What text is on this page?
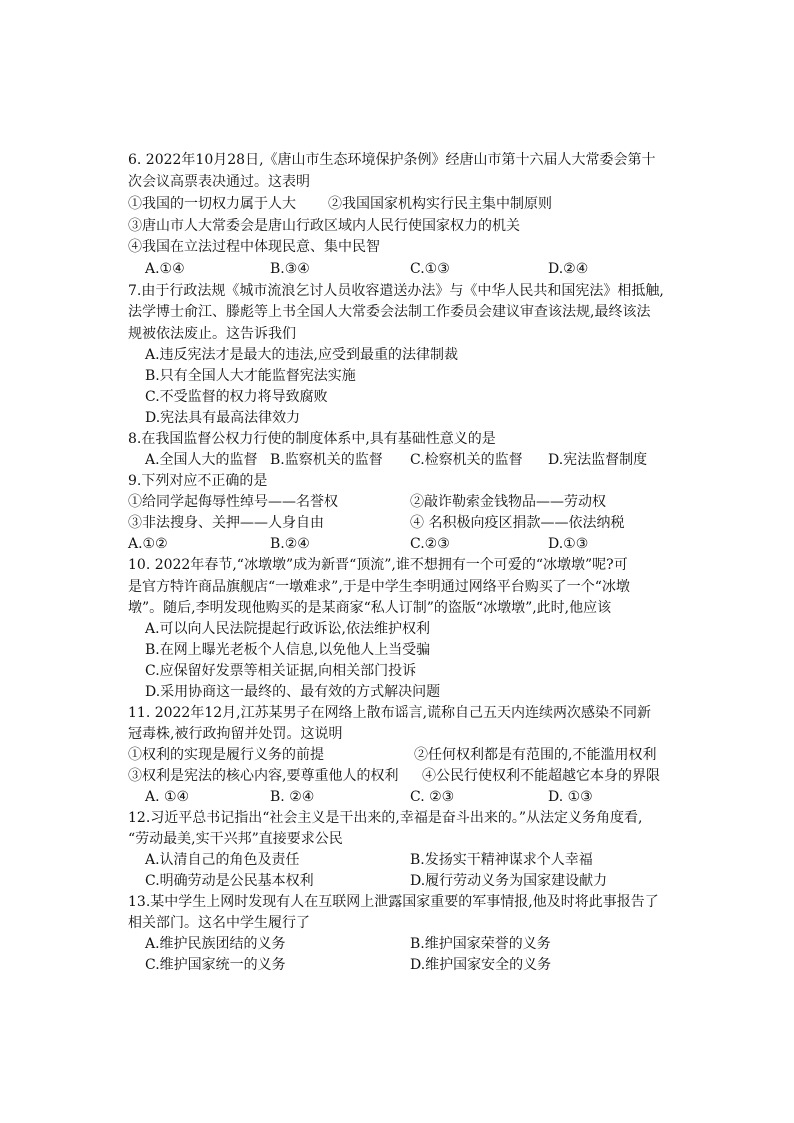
6. 2022年10月28日,《唐山市生态环境保护条例》经唐山市第十六届人大常委会第十
次会议高票表决通过。这表明
①我国的一切权力属于人大 ②我国国家机构实行民主集中制原则
③唐山市人大常委会是唐山行政区域内人民行使国家权力的机关
④我国在立法过程中体现民意、集中民智
A.①④	B.③④	C.①③	D.②④
7.由于行政法规《城市流浪乞讨人员收容遣送办法》与《中华人民共和国宪法》相抵触,
法学博士俞江、滕彪等上书全国人大常委会法制工作委员会建议审查该法规,最终该法
规被依法废止。这告诉我们
A.违反宪法才是最大的违法,应受到最重的法律制裁
B.只有全国人大才能监督宪法实施
C.不受监督的权力将导致腐败
D.宪法具有最高法律效力
8.在我国监督公权力行使的制度体系中,具有基础性意义的是
A.全国人大的监督 B.监察机关的监督 C.检察机关的监督 D.宪法监督制度
9.下列对应不正确的是
①给同学起侮辱性绰号——名誉权	②敲诈勒索金钱物品——劳动权
③非法搜身、关押——人身自由	④ 名积极向疫区捐款——依法纳税
A.①②	B.②④	C.②③	D.①③
10. 2022年春节,“冰墩墩”成为新晋“顶流”,谁不想拥有一个可爱的“冰墩墩”呢?可
是官方特许商品旗舰店“一墩难求”,于是中学生李明通过网络平台购买了一个“冰墩
墩”。随后,李明发现他购买的是某商家“私人订制”的盗版“冰墩墩”,此时,他应该
A.可以向人民法院提起行政诉讼,依法维护权利
B.在网上曝光老板个人信息,以免他人上当受骗
C.应保留好发票等相关证据,向相关部门投诉
D.采用协商这一最终的、最有效的方式解决问题
11. 2022年12月,江苏某男子在网络上散布谣言,谎称自己五天内连续两次感染不同新
冠毒株,被行政拘留并处罚。这说明
①权利的实现是履行义务的前提	②任何权利都是有范围的,不能滥用权利
③权利是宪法的核心内容,要尊重他人的权利 ④公民行使权利不能超越它本身的界限
A. ①④	B. ②④	C. ②③	D. ①③
12.习近平总书记指出“社会主义是干出来的,幸福是奋斗出来的。”从法定义务角度看,
“劳动最美,实干兴邦”直接要求公民
A.认清自己的角色及责任	B.发扬实干精神谋求个人幸福
C.明确劳动是公民基本权利	D.履行劳动义务为国家建设献力
13.某中学生上网时发现有人在互联网上泄露国家重要的军事情报,他及时将此事报告了
相关部门。这名中学生履行了
A.维护民族团结的义务	B.维护国家荣誉的义务
C.维护国家统一的义务	D.维护国家安全的义务
